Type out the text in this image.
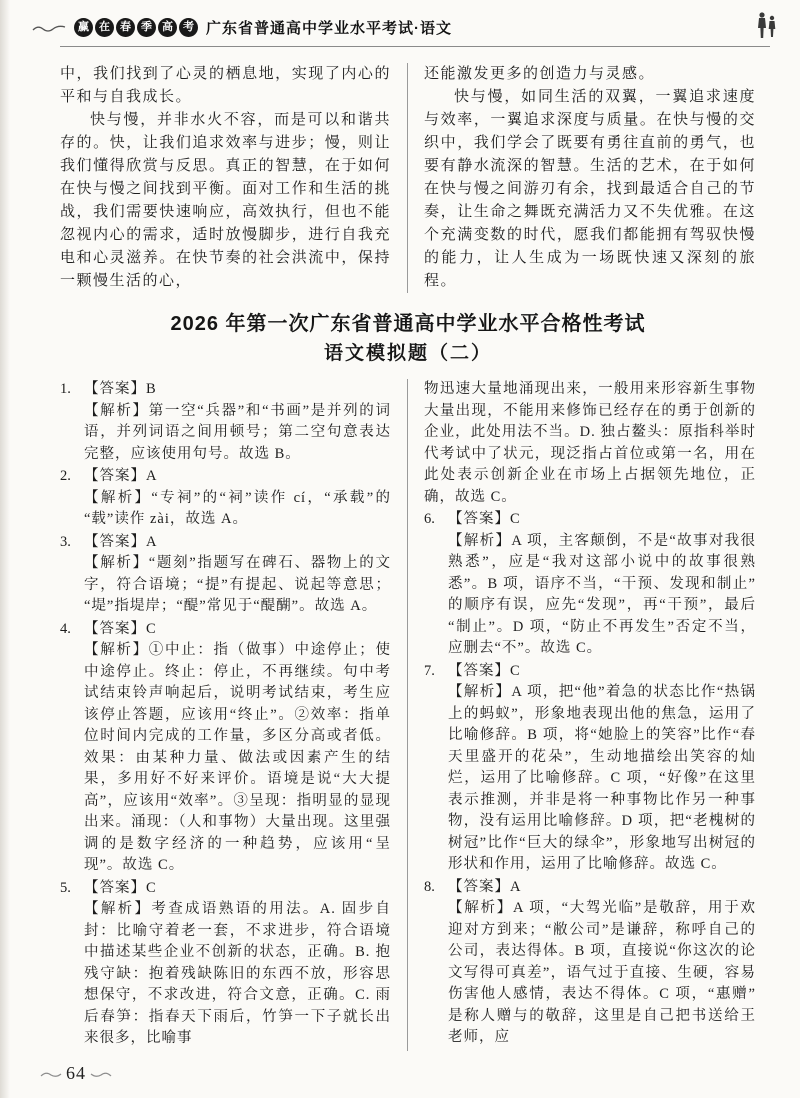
赢 在 春 季 高 考 广东省普通高中学业水平考试·语文

中，我们找到了心灵的栖息地，实现了内心的平和与自我成长。

快与慢，并非水火不容，而是可以和谐共存的。快，让我们追求效率与进步；慢，则让我们懂得欣赏与反思。真正的智慧，在于如何在快与慢之间找到平衡。面对工作和生活的挑战，我们需要快速响应，高效执行，但也不能忽视内心的需求，适时放慢脚步，进行自我充电和心灵滋养。在快节奏的社会洪流中，保持一颗慢生活的心，

还能激发更多的创造力与灵感。

快与慢，如同生活的双翼，一翼追求速度与效率，一翼追求深度与质量。在快与慢的交织中，我们学会了既要有勇往直前的勇气，也要有静水流深的智慧。生活的艺术，在于如何在快与慢之间游刃有余，找到最适合自己的节奏，让生命之舞既充满活力又不失优雅。在这个充满变数的时代，愿我们都能拥有驾驭快慢的能力，让人生成为一场既快速又深刻的旅程。

2026 年第一次广东省普通高中学业水平合格性考试
语文模拟题（二）
1. 【答案】B
【解析】第一空“兵器”和“书画”是并列的词语，并列词语之间用顿号；第二空句意表达完整，应该使用句号。故选 B。
2. 【答案】A
【解析】“专祠”的“祠”读作 cí，“承载”的“载”读作 zài，故选 A。
3. 【答案】A
【解析】“题刻”指题写在碑石、器物上的文字，符合语境；“提”有提起、说起等意思；“堤”指堤岸；“醍”常见于“醍醐”。故选 A。
4. 【答案】C
【解析】①中止：指（做事）中途停止；使中途停止。终止：停止，不再继续。句中考试结束铃声响起后，说明考试结束，考生应该停止答题，应该用“终止”。②效率：指单位时间内完成的工作量，多区分高或者低。效果：由某种力量、做法或因素产生的结果，多用好不好来评价。语境是说“大大提高”，应该用“效率”。③呈现：指明显的显现出来。涌现：（人和事物）大量出现。这里强调的是数字经济的一种趋势，应该用“呈现”。故选 C。
5. 【答案】C
【解析】考查成语熟语的用法。A. 固步自封：比喻守着老一套，不求进步，符合语境中描述某些企业不创新的状态，正确。B. 抱残守缺：抱着残缺陈旧的东西不放，形容思想保守，不求改进，符合文意，正确。C. 雨后春笋：指春天下雨后，竹笋一下子就长出来很多，比喻事

物迅速大量地涌现出来，一般用来形容新生事物大量出现，不能用来修饰已经存在的勇于创新的企业，此处用法不当。D. 独占鳌头：原指科举时代考试中了状元，现泛指占首位或第一名，用在此处表示创新企业在市场上占据领先地位，正确，故选 C。

6. 【答案】C
【解析】A 项，主客颠倒，不是“故事对我很熟悉”，应是“我对这部小说中的故事很熟悉”。B 项，语序不当，“干预、发现和制止”的顺序有误，应先“发现”，再“干预”，最后“制止”。D 项，“防止不再发生”否定不当，应删去“不”。故选 C。
7. 【答案】C
【解析】A 项，把“他”着急的状态比作“热锅上的蚂蚁”，形象地表现出他的焦急，运用了比喻修辞。B 项，将“她脸上的笑容”比作“春天里盛开的花朵”，生动地描绘出笑容的灿烂，运用了比喻修辞。C 项，“好像”在这里表示推测，并非是将一种事物比作另一种事物，没有运用比喻修辞。D 项，把“老槐树的树冠”比作“巨大的绿伞”，形象地写出树冠的形状和作用，运用了比喻修辞。故选 C。
8. 【答案】A
【解析】A 项，“大驾光临”是敬辞，用于欢迎对方到来；“敝公司”是谦辞，称呼自己的公司，表达得体。B 项，直接说“你这次的论文写得可真差”，语气过于直接、生硬，容易伤害他人感情，表达不得体。C 项，“惠赠”是称人赠与的敬辞，这里是自己把书送给王老师，应
64
